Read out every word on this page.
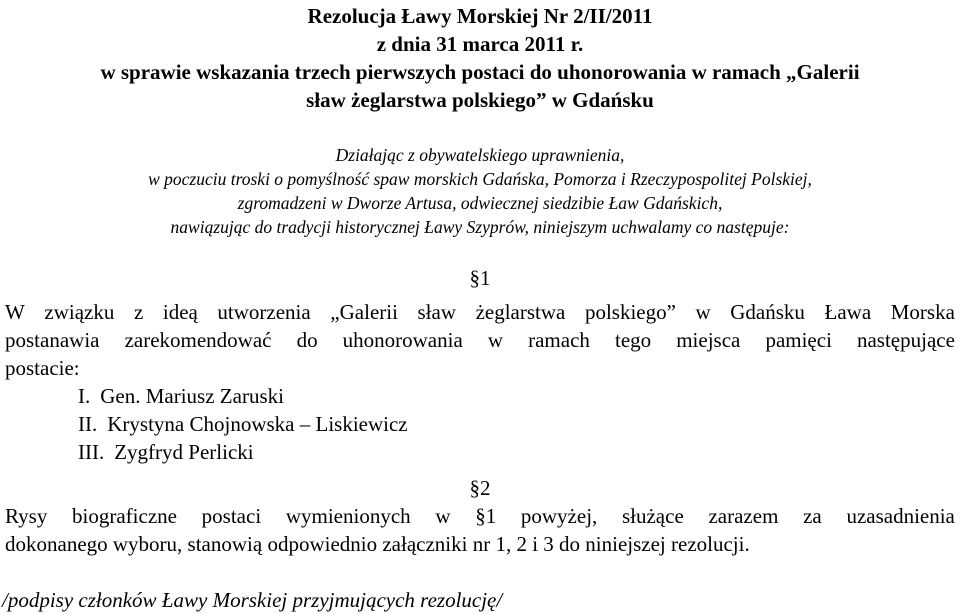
Rezolucja Ławy Morskiej Nr 2/II/2011
z dnia 31 marca 2011 r.
w sprawie wskazania trzech pierwszych postaci do uhonorowania w ramach „Galerii
sław żeglarstwa polskiego” w Gdańsku
Działając z obywatelskiego uprawnienia,
w poczuciu troski o pomyślność spaw morskich Gdańska, Pomorza i Rzeczypospolitej Polskiej,
zgromadzeni w Dworze Artusa, odwiecznej siedzibie Ław Gdańskich,
nawiązując do tradycji historycznej Ławy Szyprów, niniejszym uchwalamy co następuje:
§1
W związku z ideą utworzenia „Galerii sław żeglarstwa polskiego” w Gdańsku Ława Morska
postanawia zarekomendować do uhonorowania w ramach tego miejsca pamięci następujące
postacie:
I. Gen. Mariusz Zaruski
II. Krystyna Chojnowska – Liskiewicz
III. Zygfryd Perlicki
§2
Rysy biograficzne postaci wymienionych w §1 powyżej, służące zarazem za uzasadnienia
dokonanego wyboru, stanowią odpowiednio załączniki nr 1, 2 i 3 do niniejszej rezolucji.
/podpisy członków Ławy Morskiej przyjmujących rezolucję/
